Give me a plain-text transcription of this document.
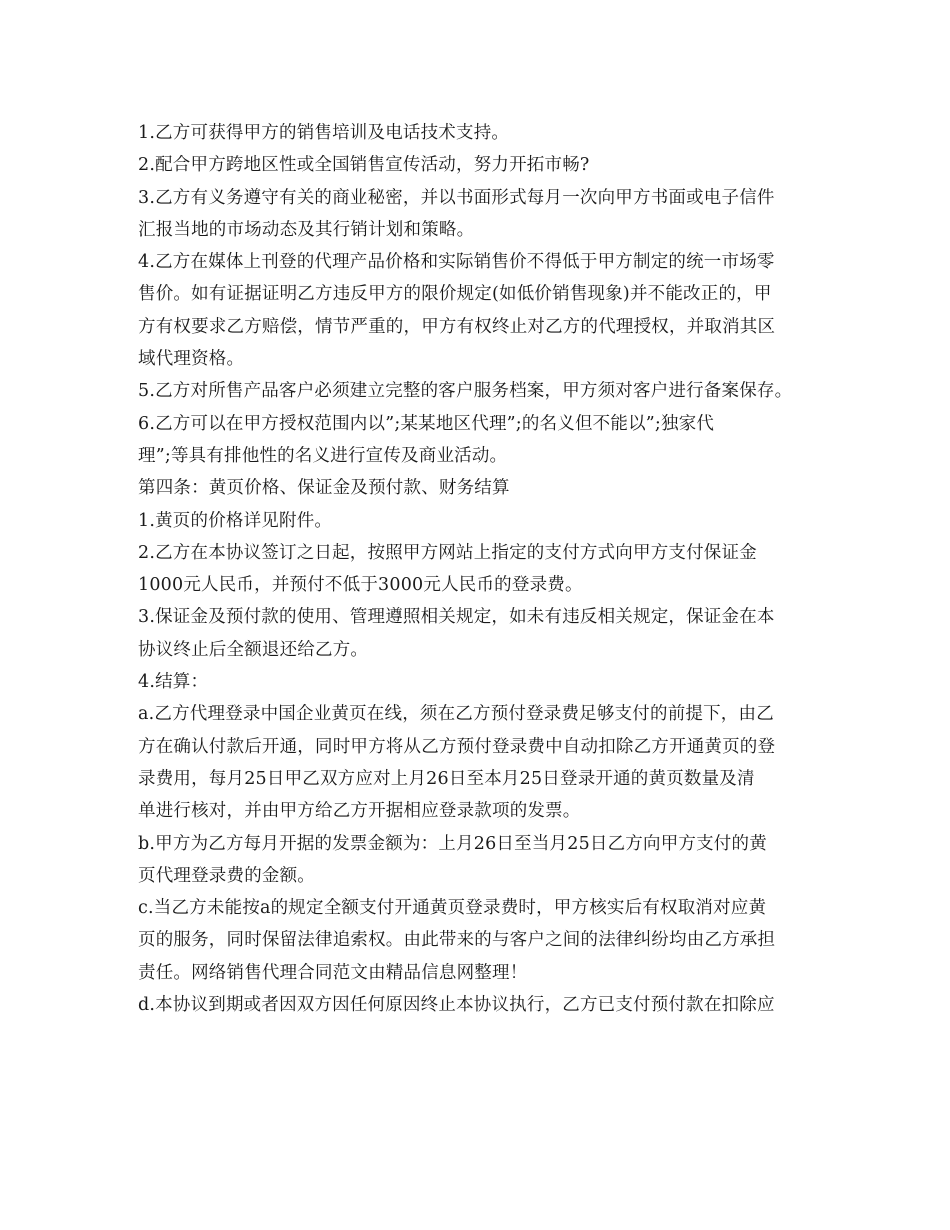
1.乙方可获得甲方的销售培训及电话技术支持。
2.配合甲方跨地区性或全国销售宣传活动，努力开拓市畅?
3.乙方有义务遵守有关的商业秘密，并以书面形式每月一次向甲方书面或电子信件
汇报当地的市场动态及其行销计划和策略。
4.乙方在媒体上刊登的代理产品价格和实际销售价不得低于甲方制定的统一市场零
售价。如有证据证明乙方违反甲方的限价规定(如低价销售现象)并不能改正的，甲
方有权要求乙方赔偿，情节严重的，甲方有权终止对乙方的代理授权，并取消其区
域代理资格。
5.乙方对所售产品客户必须建立完整的客户服务档案，甲方须对客户进行备案保存。
6.乙方可以在甲方授权范围内以”;某某地区代理”;的名义但不能以”;独家代
理”;等具有排他性的名义进行宣传及商业活动。
第四条：黄页价格、保证金及预付款、财务结算
1.黄页的价格详见附件。
2.乙方在本协议签订之日起，按照甲方网站上指定的支付方式向甲方支付保证金
1000元人民币，并预付不低于3000元人民币的登录费。
3.保证金及预付款的使用、管理遵照相关规定，如未有违反相关规定，保证金在本
协议终止后全额退还给乙方。
4.结算：
a.乙方代理登录中国企业黄页在线，须在乙方预付登录费足够支付的前提下，由乙
方在确认付款后开通，同时甲方将从乙方预付登录费中自动扣除乙方开通黄页的登
录费用，每月25日甲乙双方应对上月26日至本月25日登录开通的黄页数量及清
单进行核对，并由甲方给乙方开据相应登录款项的发票。
b.甲方为乙方每月开据的发票金额为：上月26日至当月25日乙方向甲方支付的黄
页代理登录费的金额。
c.当乙方未能按a的规定全额支付开通黄页登录费时，甲方核实后有权取消对应黄
页的服务，同时保留法律追索权。由此带来的与客户之间的法律纠纷均由乙方承担
责任。网络销售代理合同范文由精品信息网整理！
d.本协议到期或者因双方因任何原因终止本协议执行，乙方已支付预付款在扣除应
